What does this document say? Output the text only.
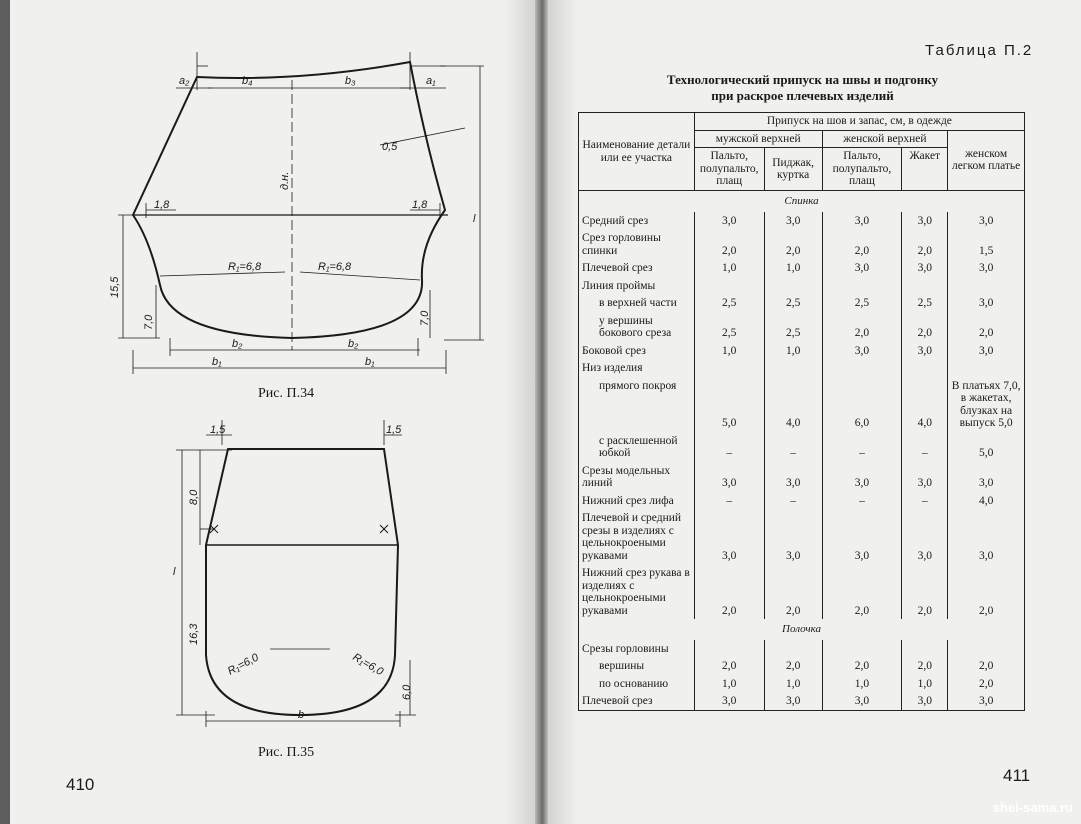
a₂	a₁
b₄	b₃
0,5
д.н.
l
1,8	1,8
15,5
R₁=6,8	R₁=6,8
7,0	7,0
b₂	b₂
b₁	b₁
Рис. П.34
1,5	1,5
8,0
l
16,3
R₁=6,0	R₁=6,0
6,0
b
Рис. П.35
410
Таблица П.2
Технологический припуск на швы и подгонку
при раскрое плечевых изделий
Наименование детали или ее участка	Припуск на шов и запас, см, в одежде				
	мужской верхней		женской верхней		женском легком платье
	Пальто, полупальто, плащ	Пиджак, куртка	Пальто, полупальто, плащ	Жакет	
Спинка					
Средний срез	3,0	3,0	3,0	3,0	3,0
Срез горловины спинки	2,0	2,0	2,0	2,0	1,5
Плечевой срез	1,0	1,0	3,0	3,0	3,0
Линия проймы					
в верхней части	2,5	2,5	2,5	2,5	3,0
у вершины бокового среза	2,5	2,5	2,0	2,0	2,0
Боковой срез	1,0	1,0	3,0	3,0	3,0
Низ изделия					
прямого покроя	5,0	4,0	6,0	4,0	В платьях 7,0, в жакетах, блузках на выпуск 5,0
с расклешенной юбкой	–	–	–	–	5,0
Срезы модельных линий	3,0	3,0	3,0	3,0	3,0
Нижний срез лифа	–	–	–	–	4,0
Плечевой и средний срезы в изделиях с цельнокроеными рукавами	3,0	3,0	3,0	3,0	3,0
Нижний срез рукава в изделиях с цельнокроеными рукавами	2,0	2,0	2,0	2,0	2,0
Полочка					
Срезы горловины					
вершины	2,0	2,0	2,0	2,0	2,0
по основанию	1,0	1,0	1,0	1,0	2,0
Плечевой срез	3,0	3,0	3,0	3,0	3,0
411
shei-sama.ru
